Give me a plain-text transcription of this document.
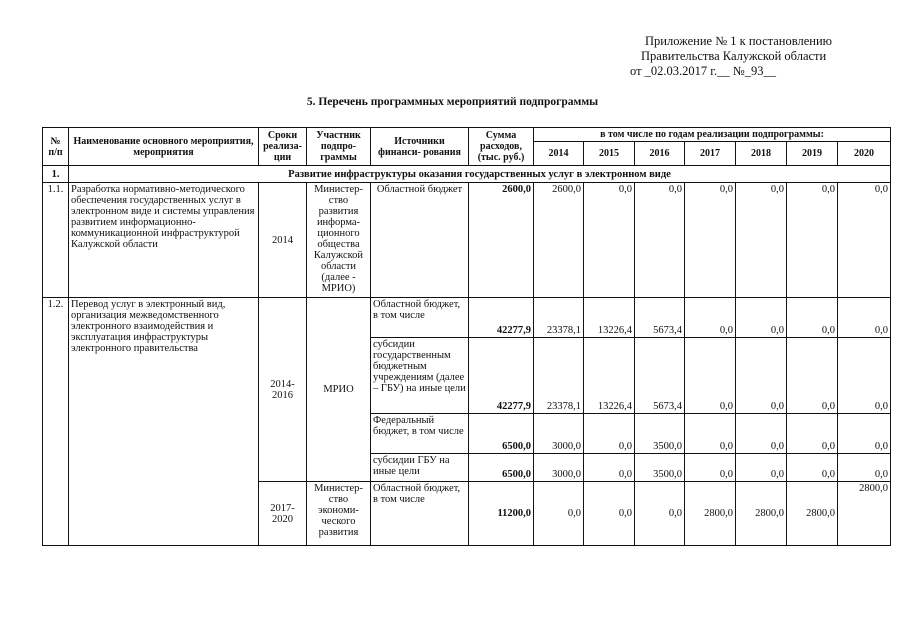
Приложение № 1 к постановлению
Правительства Калужской области
от _02.03.2017 г.__ №_93__
5. Перечень программных мероприятий подпрограммы
№ п/п	Наименование основного мероприятия, мероприятия	Сроки реализа- ции	Участник подпро- граммы	Источники финанси- рования	Сумма расходов, (тыс. руб.)	в том числе по годам реализации подпрограммы:						
						2014	2015	2016	2017	2018	2019	2020
1.	Развитие инфраструктуры оказания государственных услуг в электронном виде											
1.1.	Разработка нормативно-методического обеспечения государственных услуг в электронном виде и системы управления развитием информационно-коммуникационной инфраструктурой Калужской области	2014	Министер-ство развития информа-ционного общества Калужской области (далее - МРИО)	Областной бюджет	2600,0	2600,0	0,0	0,0	0,0	0,0	0,0	0,0
1.2.	Перевод услуг в электронный вид, организация межведомственного электронного взаимодействия и эксплуатация инфраструктуры электронного правительства	2014-2016	МРИО	Областной бюджет, в том числе	42277,9	23378,1	13226,4	5673,4	0,0	0,0	0,0	0,0
				субсидии государственным бюджетным учреждениям (далее – ГБУ) на иные цели	42277,9	23378,1	13226,4	5673,4	0,0	0,0	0,0	0,0
				Федеральный бюджет, в том числе	6500,0	3000,0	0,0	3500,0	0,0	0,0	0,0	0,0
				субсидии ГБУ на иные цели	6500,0	3000,0	0,0	3500,0	0,0	0,0	0,0	0,0
		2017-2020	Министер-ство экономи-ческого развития	Областной бюджет, в том числе	11200,0	0,0	0,0	0,0	2800,0	2800,0	2800,0	2800,0
